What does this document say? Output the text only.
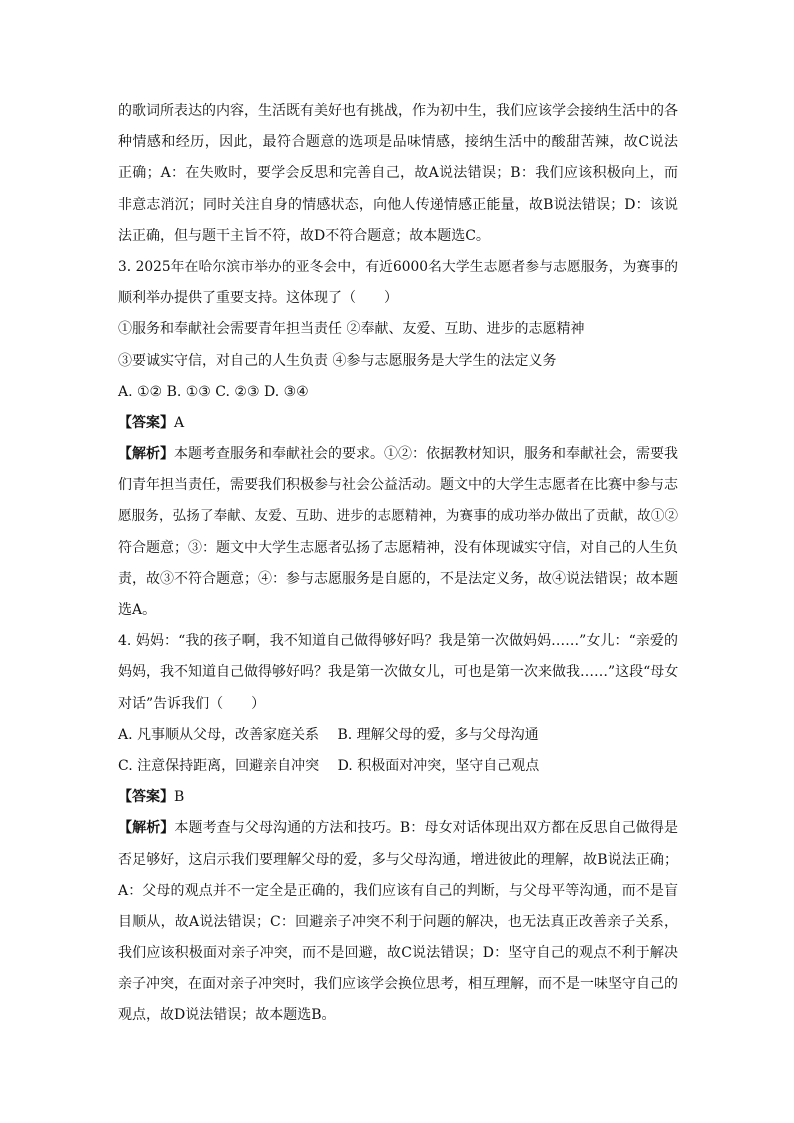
的歌词所表达的内容，生活既有美好也有挑战，作为初中生，我们应该学会接纳生活中的各
种情感和经历，因此，最符合题意的选项是品味情感，接纳生活中的酸甜苦辣，故C说法
正确；A：在失败时，要学会反思和完善自己，故A说法错误；B：我们应该积极向上，而
非意志消沉；同时关注自身的情感状态，向他人传递情感正能量，故B说法错误；D：该说
法正确，但与题干主旨不符，故D不符合题意；故本题选C。
3. 2025年在哈尔滨市举办的亚冬会中，有近6000名大学生志愿者参与志愿服务，为赛事的
顺利举办提供了重要支持。这体现了（　　）
①服务和奉献社会需要青年担当责任 ②奉献、友爱、互助、进步的志愿精神
③要诚实守信，对自己的人生负责 ④参与志愿服务是大学生的法定义务
A. ①② B. ①③ C. ②③ D. ③④
【答案】A
【解析】本题考查服务和奉献社会的要求。①②：依据教材知识，服务和奉献社会，需要我
们青年担当责任，需要我们积极参与社会公益活动。题文中的大学生志愿者在比赛中参与志
愿服务，弘扬了奉献、友爱、互助、进步的志愿精神，为赛事的成功举办做出了贡献，故①②
符合题意；③：题文中大学生志愿者弘扬了志愿精神，没有体现诚实守信，对自己的人生负
责，故③不符合题意；④：参与志愿服务是自愿的，不是法定义务，故④说法错误；故本题
选A。
4. 妈妈：“我的孩子啊，我不知道自己做得够好吗？我是第一次做妈妈……”女儿：“亲爱的
妈妈，我不知道自己做得够好吗？我是第一次做女儿，可也是第一次来做我……”这段“母女
对话”告诉我们（　　）
A. 凡事顺从父母，改善家庭关系　 B. 理解父母的爱，多与父母沟通
C. 注意保持距离，回避亲自冲突　 D. 积极面对冲突，坚守自己观点
【答案】B
【解析】本题考查与父母沟通的方法和技巧。B：母女对话体现出双方都在反思自己做得是
否足够好，这启示我们要理解父母的爱，多与父母沟通，增进彼此的理解，故B说法正确；
A：父母的观点并不一定全是正确的，我们应该有自己的判断，与父母平等沟通，而不是盲
目顺从，故A说法错误；C：回避亲子冲突不利于问题的解决，也无法真正改善亲子关系，
我们应该积极面对亲子冲突，而不是回避，故C说法错误；D：坚守自己的观点不利于解决
亲子冲突，在面对亲子冲突时，我们应该学会换位思考，相互理解，而不是一味坚守自己的
观点，故D说法错误；故本题选B。
